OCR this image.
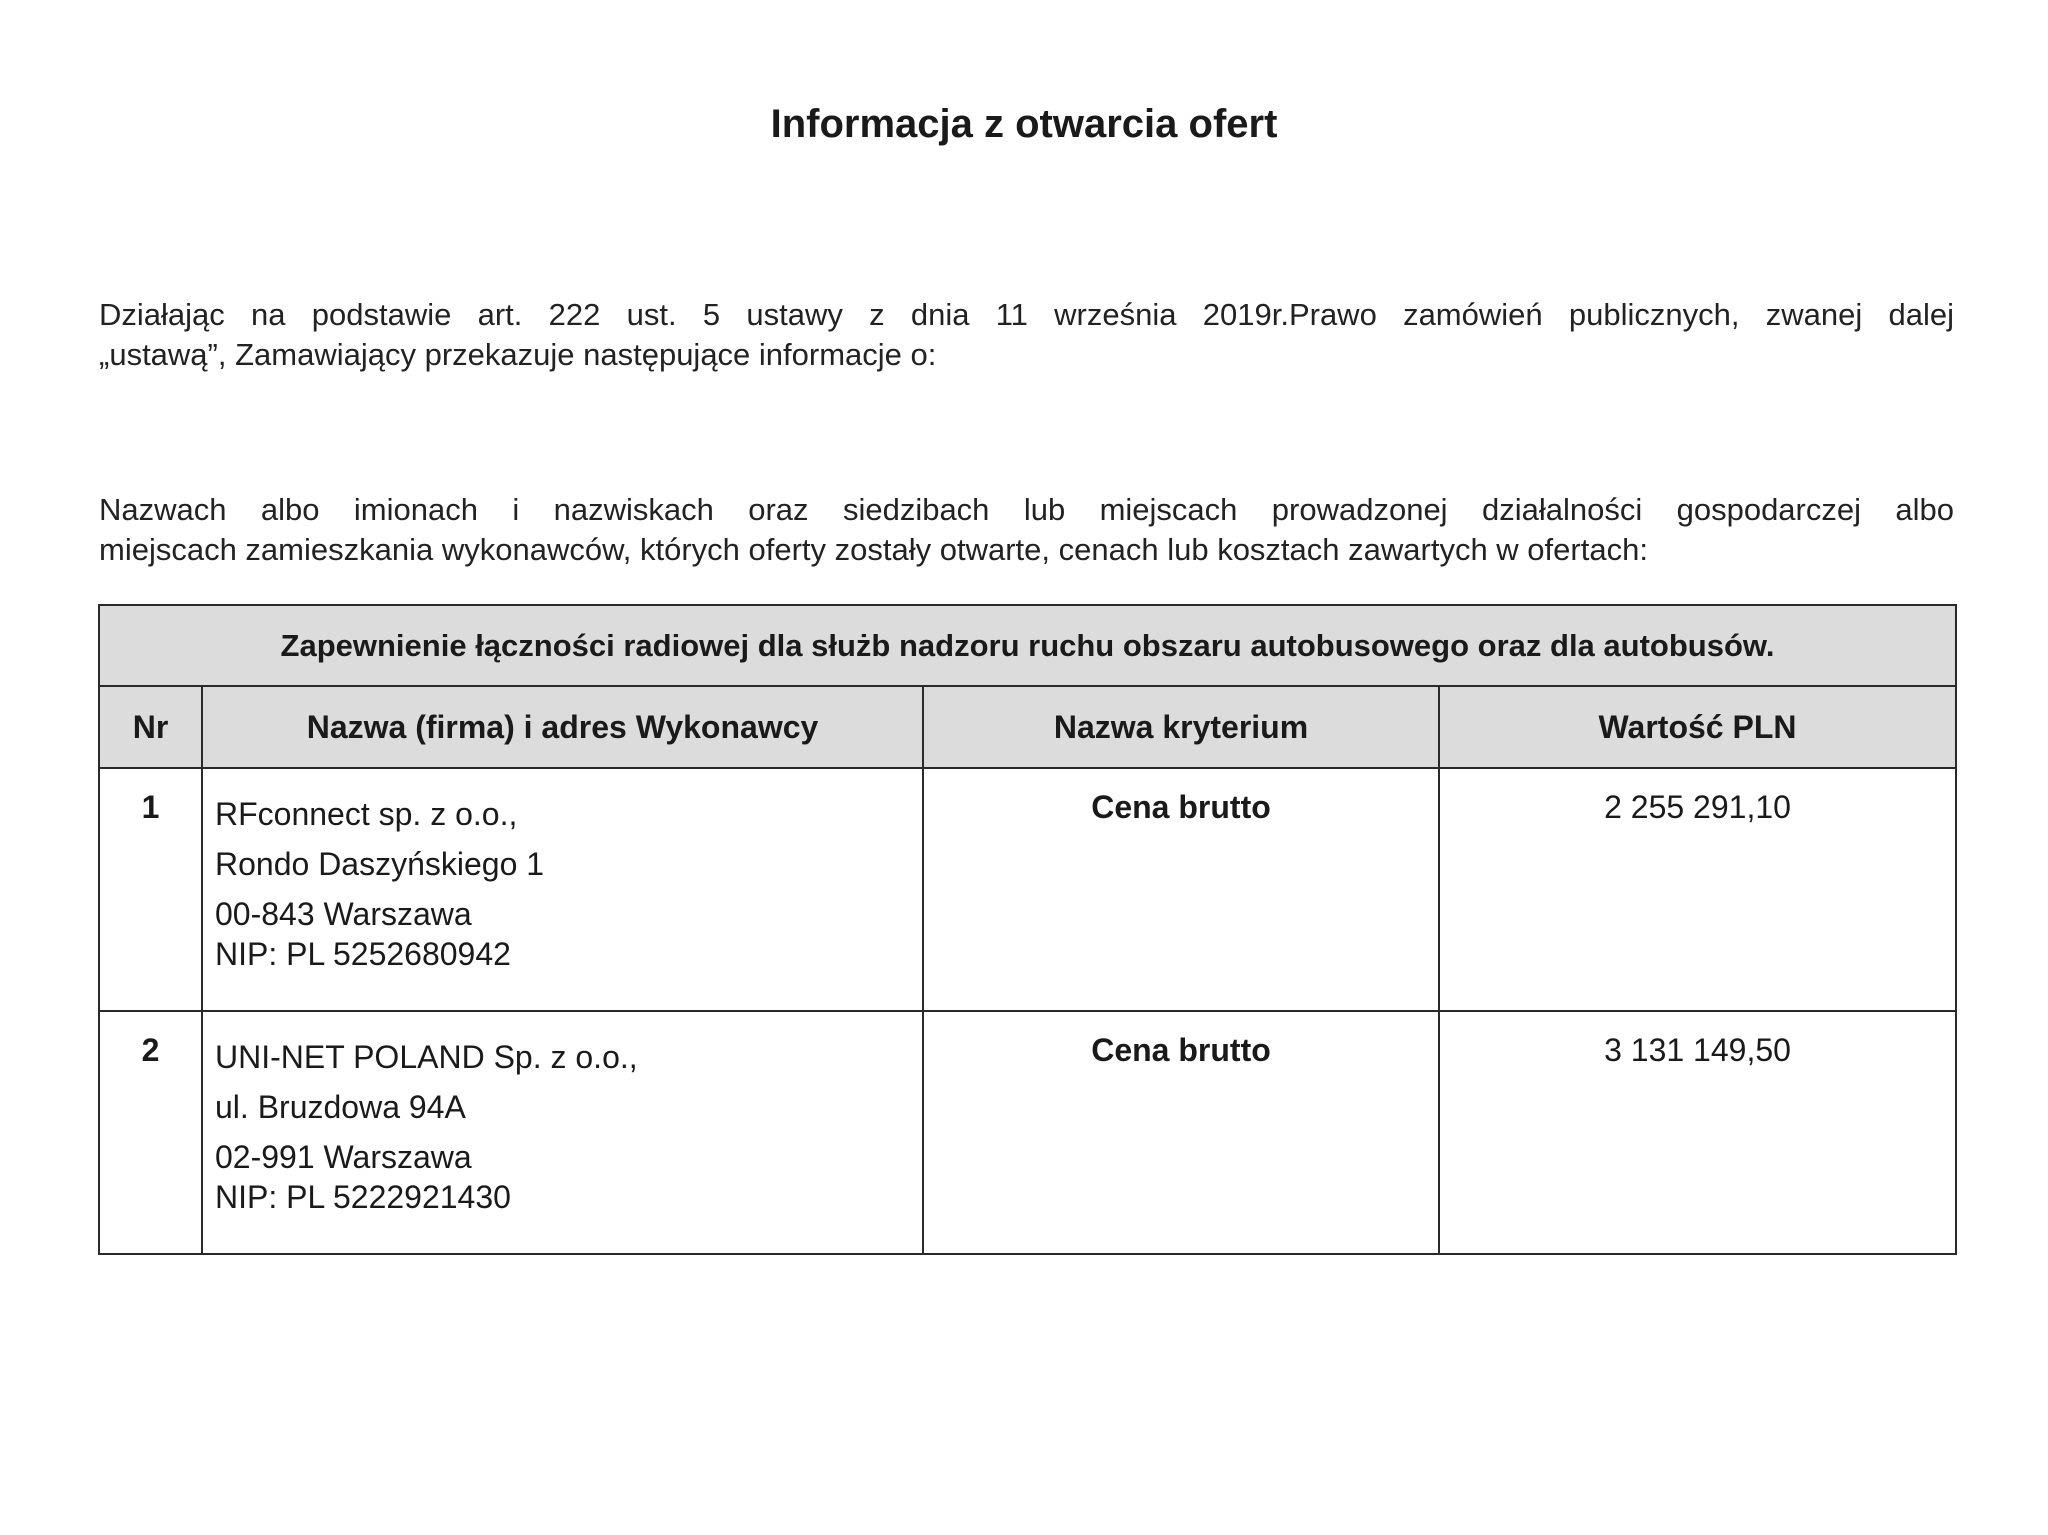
Informacja z otwarcia ofert

Działając na podstawie art. 222 ust. 5 ustawy z dnia 11 września 2019r.Prawo zamówień publicznych, zwanej dalej
„ustawą”, Zamawiający przekazuje następujące informacje o:

Nazwach albo imionach i nazwiskach oraz siedzibach lub miejscach prowadzonej działalności gospodarczej albo
miejscach zamieszkania wykonawców, których oferty zostały otwarte, cenach lub kosztach zawartych w ofertach:

Zapewnienie łączności radiowej dla służb nadzoru ruchu obszaru autobusowego oraz dla autobusów.			
Nr	Nazwa (firma) i adres Wykonawcy	Nazwa kryterium	Wartość PLN
1	RFconnect sp. z o.o.,
Rondo Daszyńskiego 1
00-843 Warszawa
NIP: PL 5252680942	Cena brutto	2 255 291,10
2	UNI-NET POLAND Sp. z o.o.,
ul. Bruzdowa 94A
02-991 Warszawa
NIP: PL 5222921430	Cena brutto	3 131 149,50
